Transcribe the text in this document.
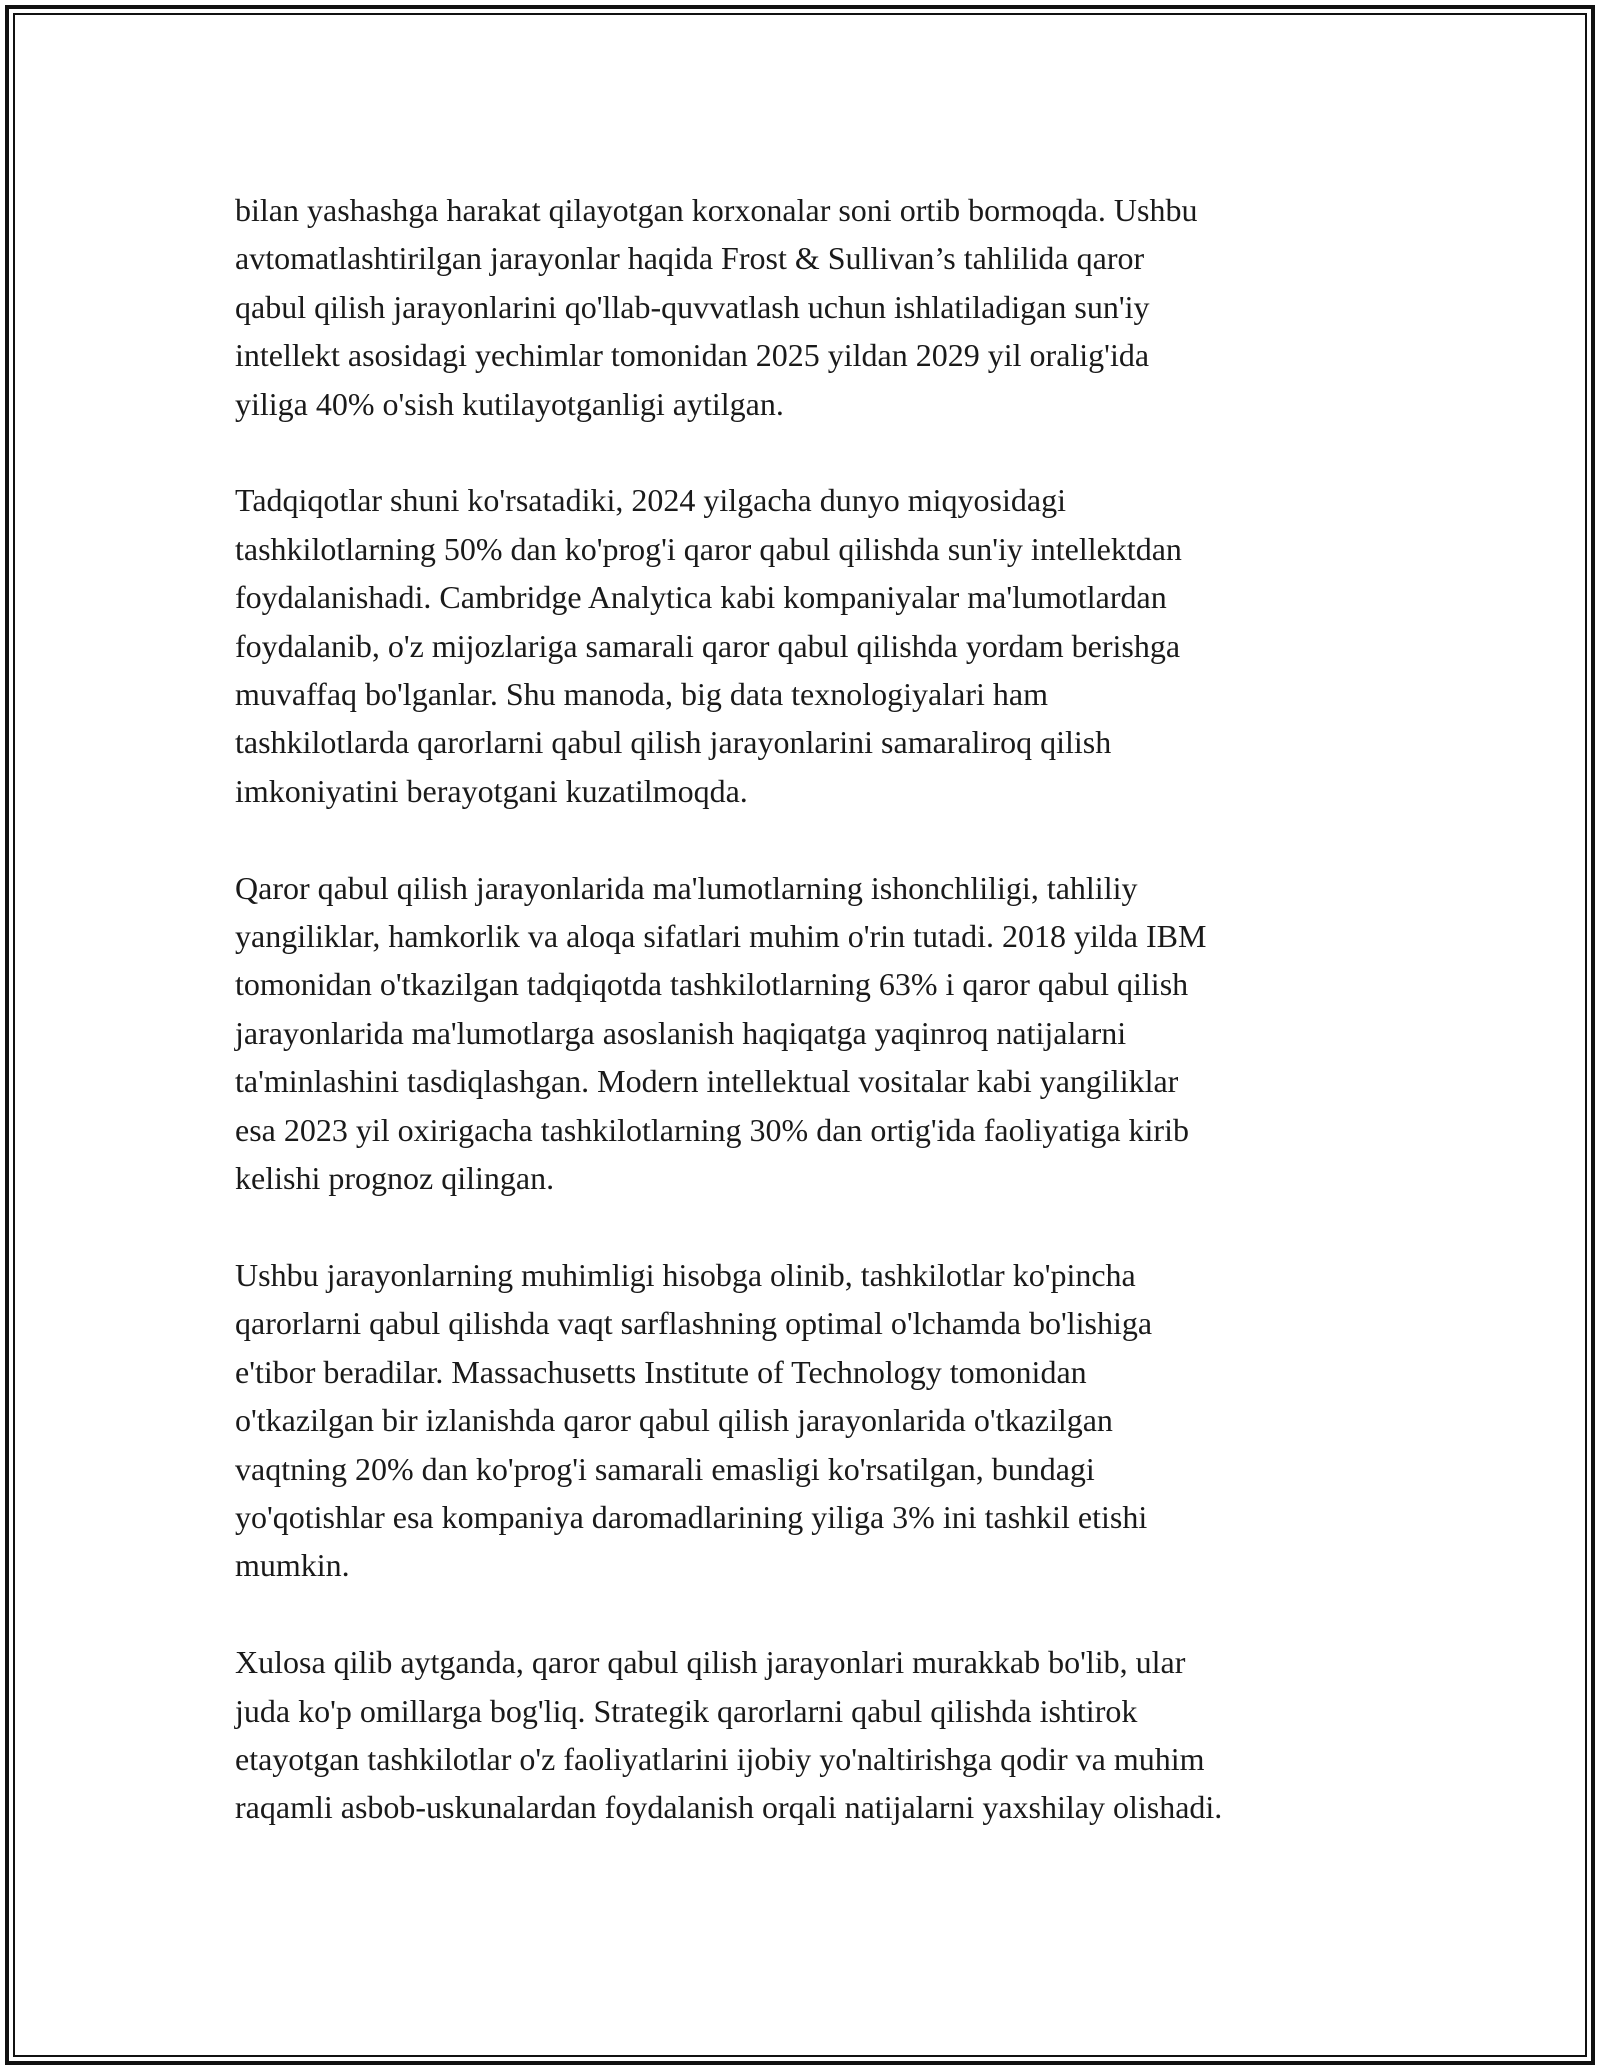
bilan yashashga harakat qilayotgan korxonalar soni ortib bormoqda. Ushbu
avtomatlashtirilgan jarayonlar haqida Frost & Sullivan’s tahlilida qaror
qabul qilish jarayonlarini qo'llab-quvvatlash uchun ishlatiladigan sun'iy
intellekt asosidagi yechimlar tomonidan 2025 yildan 2029 yil oralig'ida
yiliga 40% o'sish kutilayotganligi aytilgan.

Tadqiqotlar shuni ko'rsatadiki, 2024 yilgacha dunyo miqyosidagi
tashkilotlarning 50% dan ko'prog'i qaror qabul qilishda sun'iy intellektdan
foydalanishadi. Cambridge Analytica kabi kompaniyalar ma'lumotlardan
foydalanib, o'z mijozlariga samarali qaror qabul qilishda yordam berishga
muvaffaq bo'lganlar. Shu manoda, big data texnologiyalari ham
tashkilotlarda qarorlarni qabul qilish jarayonlarini samaraliroq qilish
imkoniyatini berayotgani kuzatilmoqda.

Qaror qabul qilish jarayonlarida ma'lumotlarning ishonchliligi, tahliliy
yangiliklar, hamkorlik va aloqa sifatlari muhim o'rin tutadi. 2018 yilda IBM
tomonidan o'tkazilgan tadqiqotda tashkilotlarning 63% i qaror qabul qilish
jarayonlarida ma'lumotlarga asoslanish haqiqatga yaqinroq natijalarni
ta'minlashini tasdiqlashgan. Modern intellektual vositalar kabi yangiliklar
esa 2023 yil oxirigacha tashkilotlarning 30% dan ortig'ida faoliyatiga kirib
kelishi prognoz qilingan.

Ushbu jarayonlarning muhimligi hisobga olinib, tashkilotlar ko'pincha
qarorlarni qabul qilishda vaqt sarflashning optimal o'lchamda bo'lishiga
e'tibor beradilar. Massachusetts Institute of Technology tomonidan
o'tkazilgan bir izlanishda qaror qabul qilish jarayonlarida o'tkazilgan
vaqtning 20% dan ko'prog'i samarali emasligi ko'rsatilgan, bundagi
yo'qotishlar esa kompaniya daromadlarining yiliga 3% ini tashkil etishi
mumkin.

Xulosa qilib aytganda, qaror qabul qilish jarayonlari murakkab bo'lib, ular
juda ko'p omillarga bog'liq. Strategik qarorlarni qabul qilishda ishtirok
etayotgan tashkilotlar o'z faoliyatlarini ijobiy yo'naltirishga qodir va muhim
raqamli asbob-uskunalardan foydalanish orqali natijalarni yaxshilay olishadi.
